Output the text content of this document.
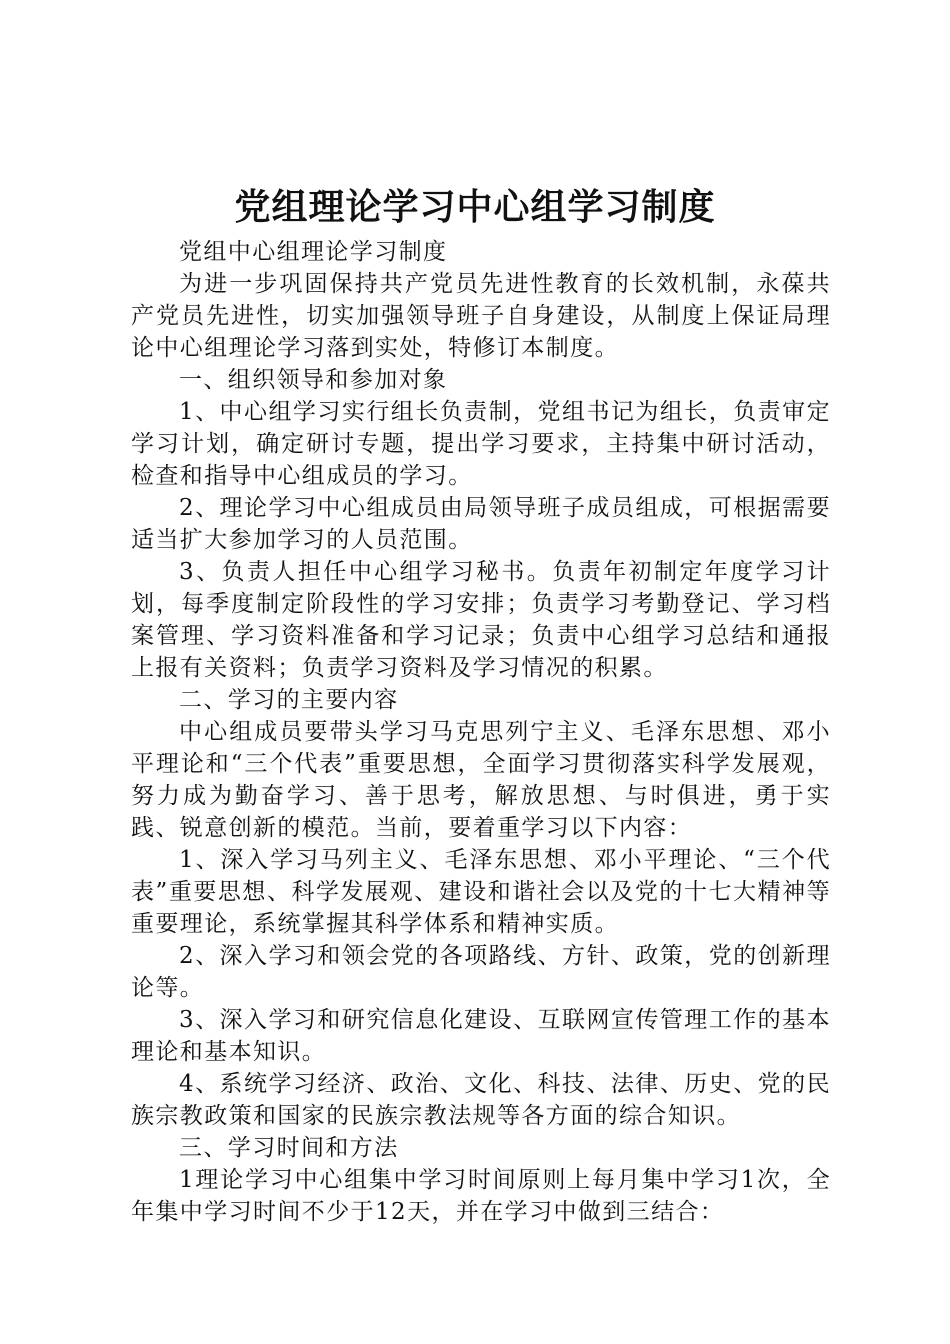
党组理论学习中心组学习制度

党组中心组理论学习制度

为进一步巩固保持共产党员先进性教育的长效机制，永葆共产党员先进性，切实加强领导班子自身建设，从制度上保证局理论中心组理论学习落到实处，特修订本制度。

一、组织领导和参加对象

1、中心组学习实行组长负责制，党组书记为组长，负责审定学习计划，确定研讨专题，提出学习要求，主持集中研讨活动，检查和指导中心组成员的学习。

2、理论学习中心组成员由局领导班子成员组成，可根据需要适当扩大参加学习的人员范围。

3、负责人担任中心组学习秘书。负责年初制定年度学习计划，每季度制定阶段性的学习安排；负责学习考勤登记、学习档案管理、学习资料准备和学习记录；负责中心组学习总结和通报上报有关资料；负责学习资料及学习情况的积累。

二、学习的主要内容

中心组成员要带头学习马克思列宁主义、毛泽东思想、邓小平理论和“三个代表”重要思想，全面学习贯彻落实科学发展观，努力成为勤奋学习、善于思考，解放思想、与时俱进，勇于实践、锐意创新的模范。当前，要着重学习以下内容：

1、深入学习马列主义、毛泽东思想、邓小平理论、“三个代表”重要思想、科学发展观、建设和谐社会以及党的十七大精神等重要理论，系统掌握其科学体系和精神实质。

2、深入学习和领会党的各项路线、方针、政策，党的创新理论等。

3、深入学习和研究信息化建设、互联网宣传管理工作的基本理论和基本知识。

4、系统学习经济、政治、文化、科技、法律、历史、党的民族宗教政策和国家的民族宗教法规等各方面的综合知识。

三、学习时间和方法

1理论学习中心组集中学习时间原则上每月集中学习1次，全年集中学习时间不少于12天，并在学习中做到三结合：
